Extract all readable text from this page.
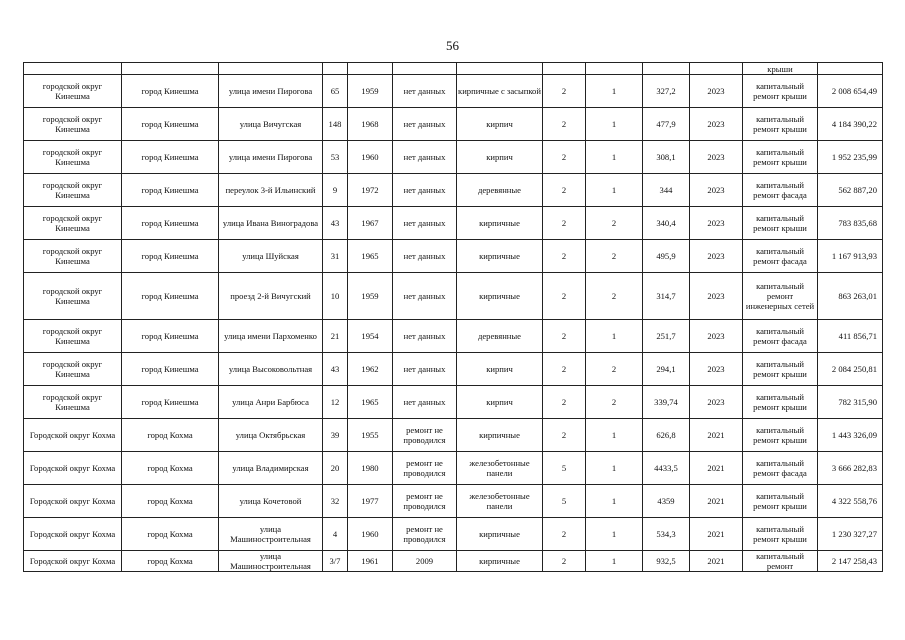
56
											крыши	
городской округ Кинешма	город Кинешма	улица имени Пирогова	65	1959	нет данных	кирпичные с засыпкой	2	1	327,2	2023	капитальный ремонт крыши	2 008 654,49
городской округ Кинешма	город Кинешма	улица Вичугская	148	1968	нет данных	кирпич	2	1	477,9	2023	капитальный ремонт крыши	4 184 390,22
городской округ Кинешма	город Кинешма	улица имени Пирогова	53	1960	нет данных	кирпич	2	1	308,1	2023	капитальный ремонт крыши	1 952 235,99
городской округ Кинешма	город Кинешма	переулок 3-й Ильинский	9	1972	нет данных	деревянные	2	1	344	2023	капитальный ремонт фасада	562 887,20
городской округ Кинешма	город Кинешма	улица Ивана Виноградова	43	1967	нет данных	кирпичные	2	2	340,4	2023	капитальный ремонт крыши	783 835,68
городской округ Кинешма	город Кинешма	улица Шуйская	31	1965	нет данных	кирпичные	2	2	495,9	2023	капитальный ремонт фасада	1 167 913,93
городской округ Кинешма	город Кинешма	проезд 2-й Вичугский	10	1959	нет данных	кирпичные	2	2	314,7	2023	капитальный ремонт инженерных сетей	863 263,01
городской округ Кинешма	город Кинешма	улица имени Пархоменко	21	1954	нет данных	деревянные	2	1	251,7	2023	капитальный ремонт фасада	411 856,71
городской округ Кинешма	город Кинешма	улица Высоковольтная	43	1962	нет данных	кирпич	2	2	294,1	2023	капитальный ремонт крыши	2 084 250,81
городской округ Кинешма	город Кинешма	улица Анри Барбюса	12	1965	нет данных	кирпич	2	2	339,74	2023	капитальный ремонт крыши	782 315,90
Городской округ Кохма	город Кохма	улица Октябрьская	39	1955	ремонт не проводился	кирпичные	2	1	626,8	2021	капитальный ремонт крыши	1 443 326,09
Городской округ Кохма	город Кохма	улица Владимирская	20	1980	ремонт не проводился	железобетонные панели	5	1	4433,5	2021	капитальный ремонт фасада	3 666 282,83
Городской округ Кохма	город Кохма	улица Кочетовой	32	1977	ремонт не проводился	железобетонные панели	5	1	4359	2021	капитальный ремонт крыши	4 322 558,76
Городской округ Кохма	город Кохма	улица Машиностроительная	4	1960	ремонт не проводился	кирпичные	2	1	534,3	2021	капитальный ремонт крыши	1 230 327,27
Городской округ Кохма	город Кохма	улица Машиностроительная	3/7	1961	2009	кирпичные	2	1	932,5	2021	капитальный ремонт	2 147 258,43
